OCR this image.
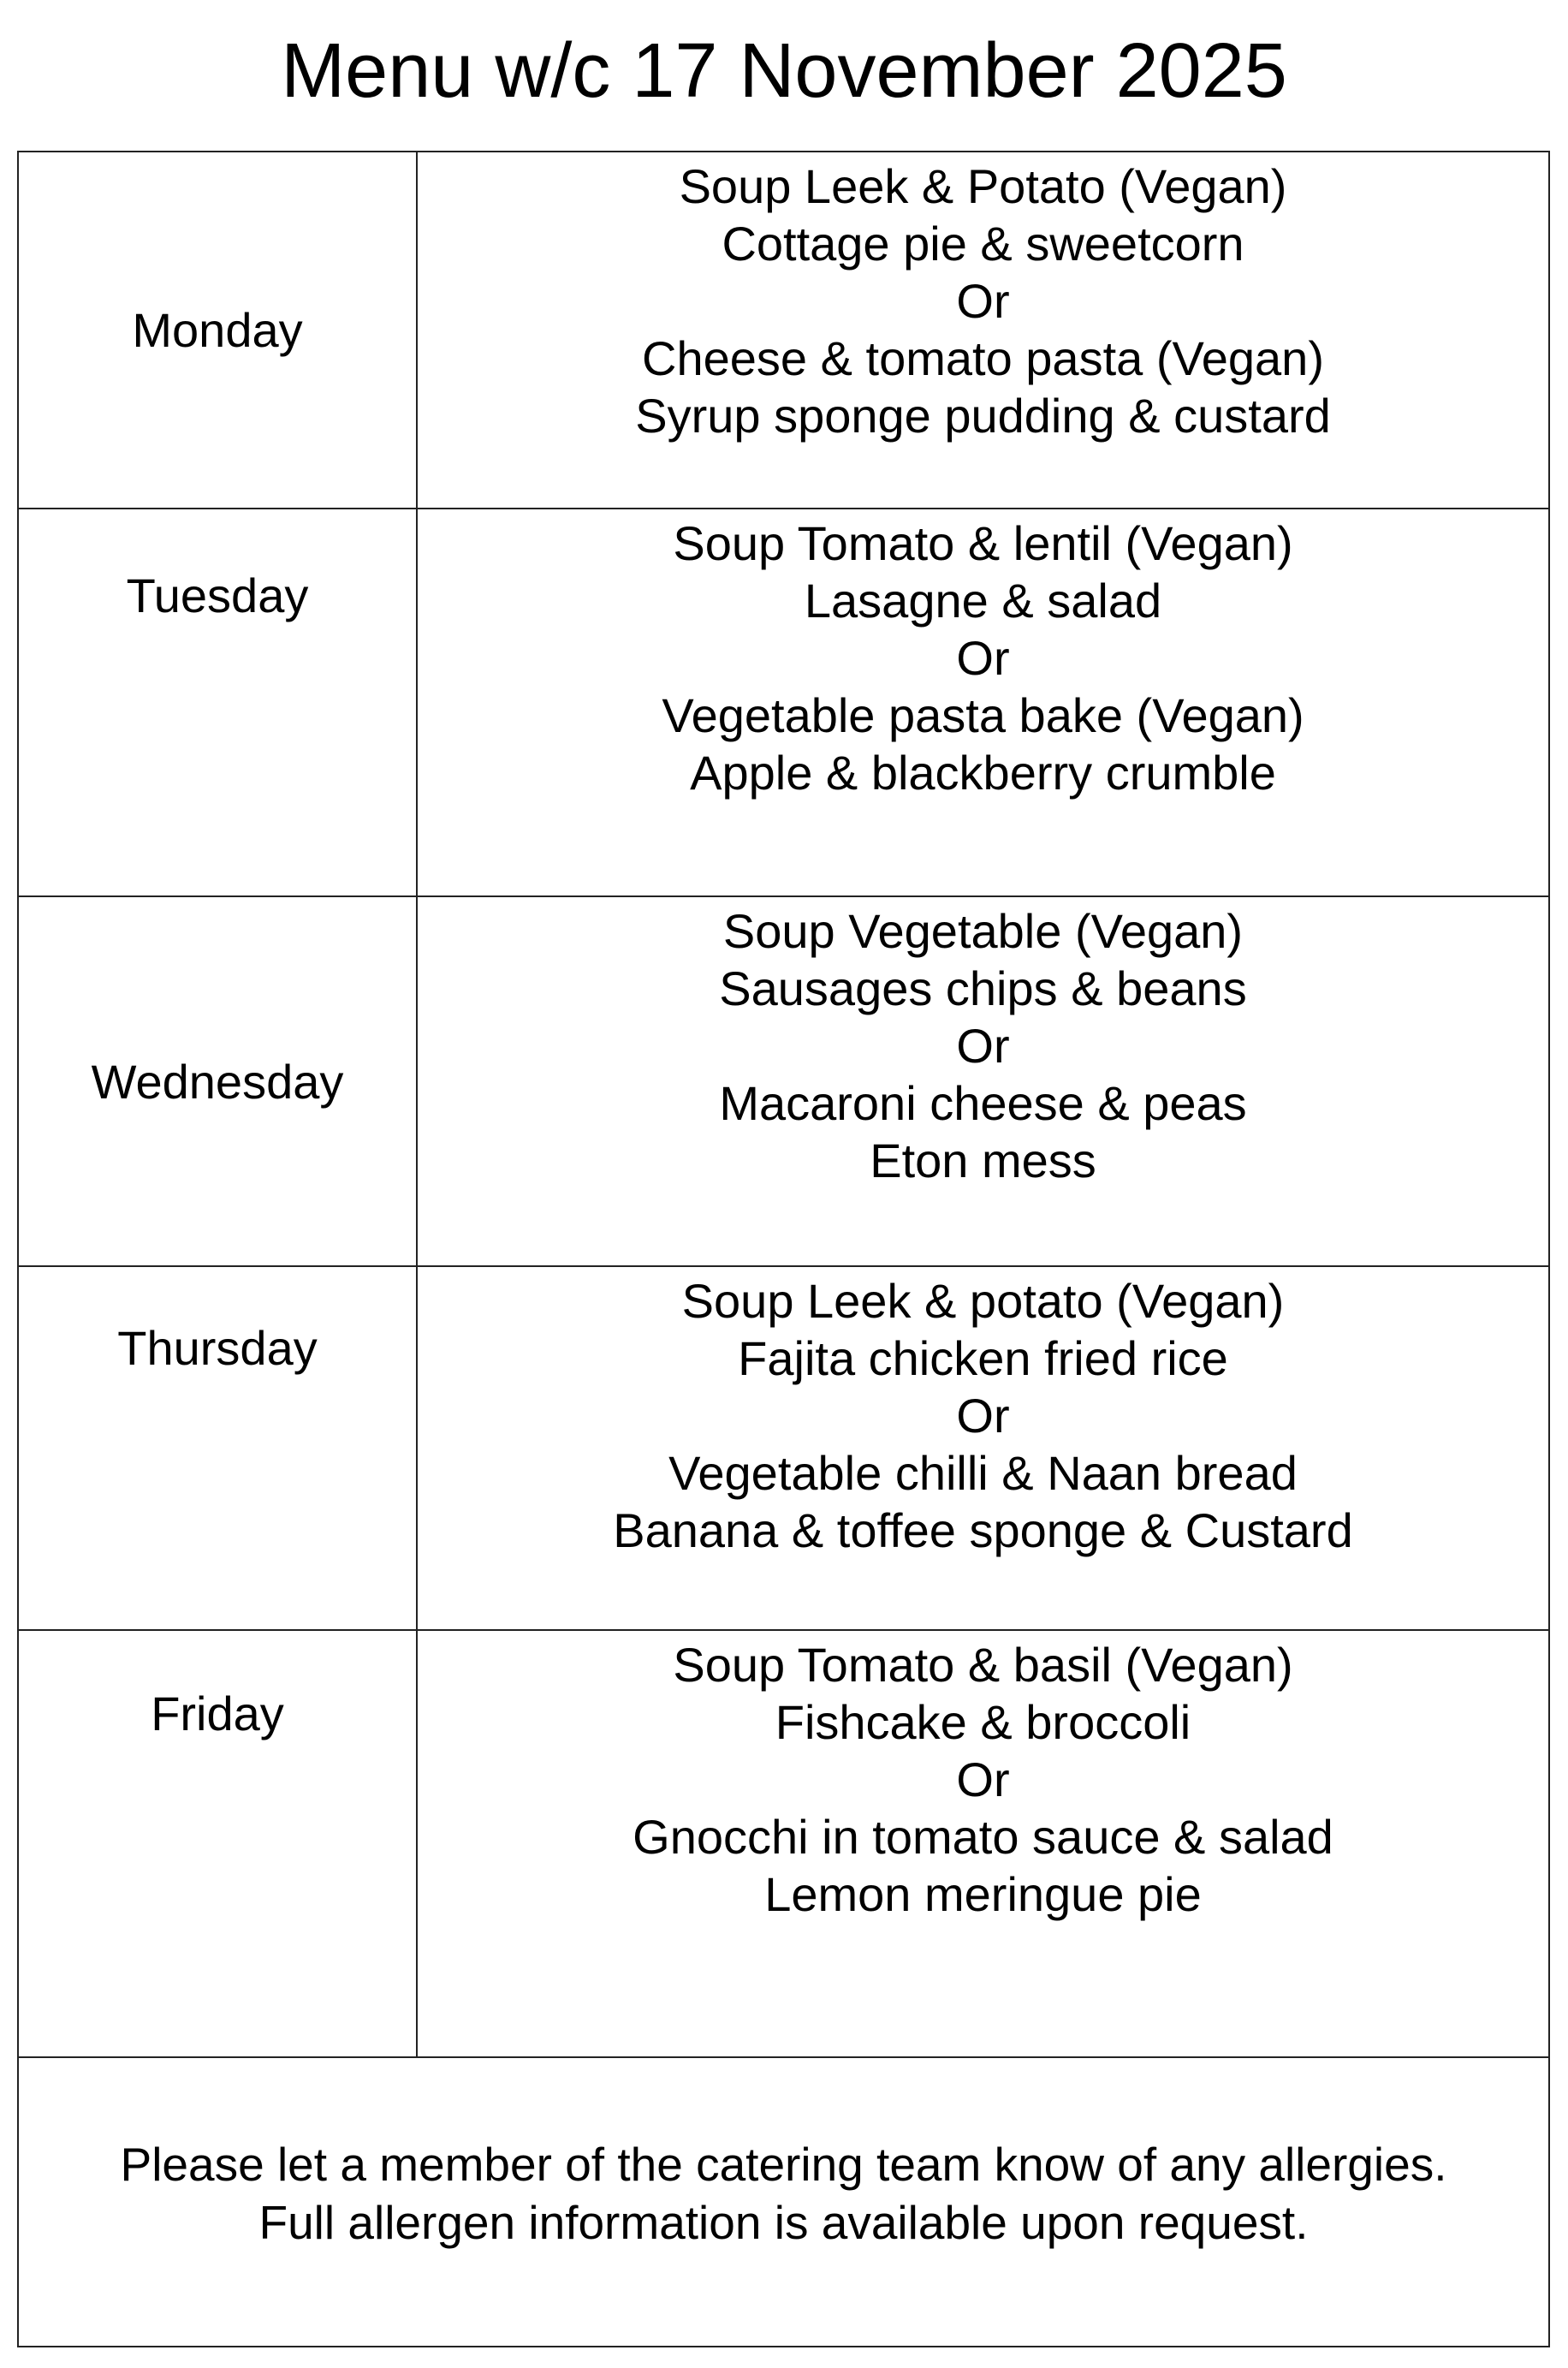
Menu w/c 17 November 2025
Monday
Soup Leek & Potato (Vegan)
Cottage pie & sweetcorn
Or
Cheese & tomato pasta (Vegan)
Syrup sponge pudding & custard
Tuesday
Soup Tomato & lentil (Vegan)
Lasagne & salad
Or
Vegetable pasta bake (Vegan)
Apple & blackberry crumble
Wednesday
Soup Vegetable (Vegan)
Sausages chips & beans
Or
Macaroni cheese & peas
Eton mess
Thursday
Soup Leek & potato (Vegan)
Fajita chicken fried rice
Or
Vegetable chilli & Naan bread
Banana & toffee sponge & Custard
Friday
Soup Tomato & basil (Vegan)
Fishcake & broccoli
Or
Gnocchi in tomato sauce & salad
Lemon meringue pie
Please let a member of the catering team know of any allergies.
Full allergen information is available upon request.
